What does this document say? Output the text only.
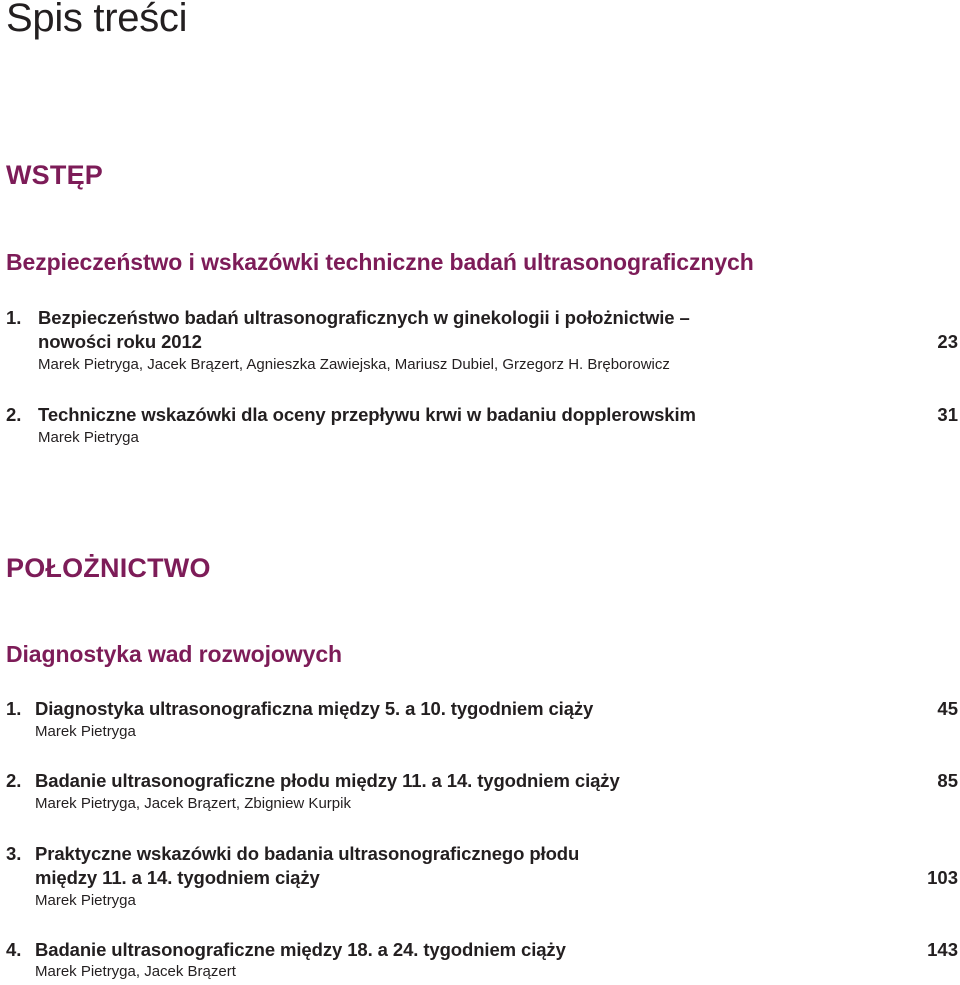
Spis treści
WSTĘP
Bezpieczeństwo i wskazówki techniczne badań ultrasonograficznych
1. Bezpieczeństwo badań ultrasonograficznych w ginekologii i położnictwie –
nowości roku 2012	23
Marek Pietryga, Jacek Brązert, Agnieszka Zawiejska, Mariusz Dubiel, Grzegorz H. Bręborowicz
2. Techniczne wskazówki dla oceny przepływu krwi w badaniu dopplerowskim	31
Marek Pietryga
POŁOŻNICTWO
Diagnostyka wad rozwojowych
1. Diagnostyka ultrasonograficzna między 5. a 10. tygodniem ciąży	45
Marek Pietryga
2. Badanie ultrasonograficzne płodu między 11. a 14. tygodniem ciąży	85
Marek Pietryga, Jacek Brązert, Zbigniew Kurpik
3. Praktyczne wskazówki do badania ultrasonograficznego płodu
między 11. a 14. tygodniem ciąży	103
Marek Pietryga
4. Badanie ultrasonograficzne między 18. a 24. tygodniem ciąży	143
Marek Pietryga, Jacek Brązert
